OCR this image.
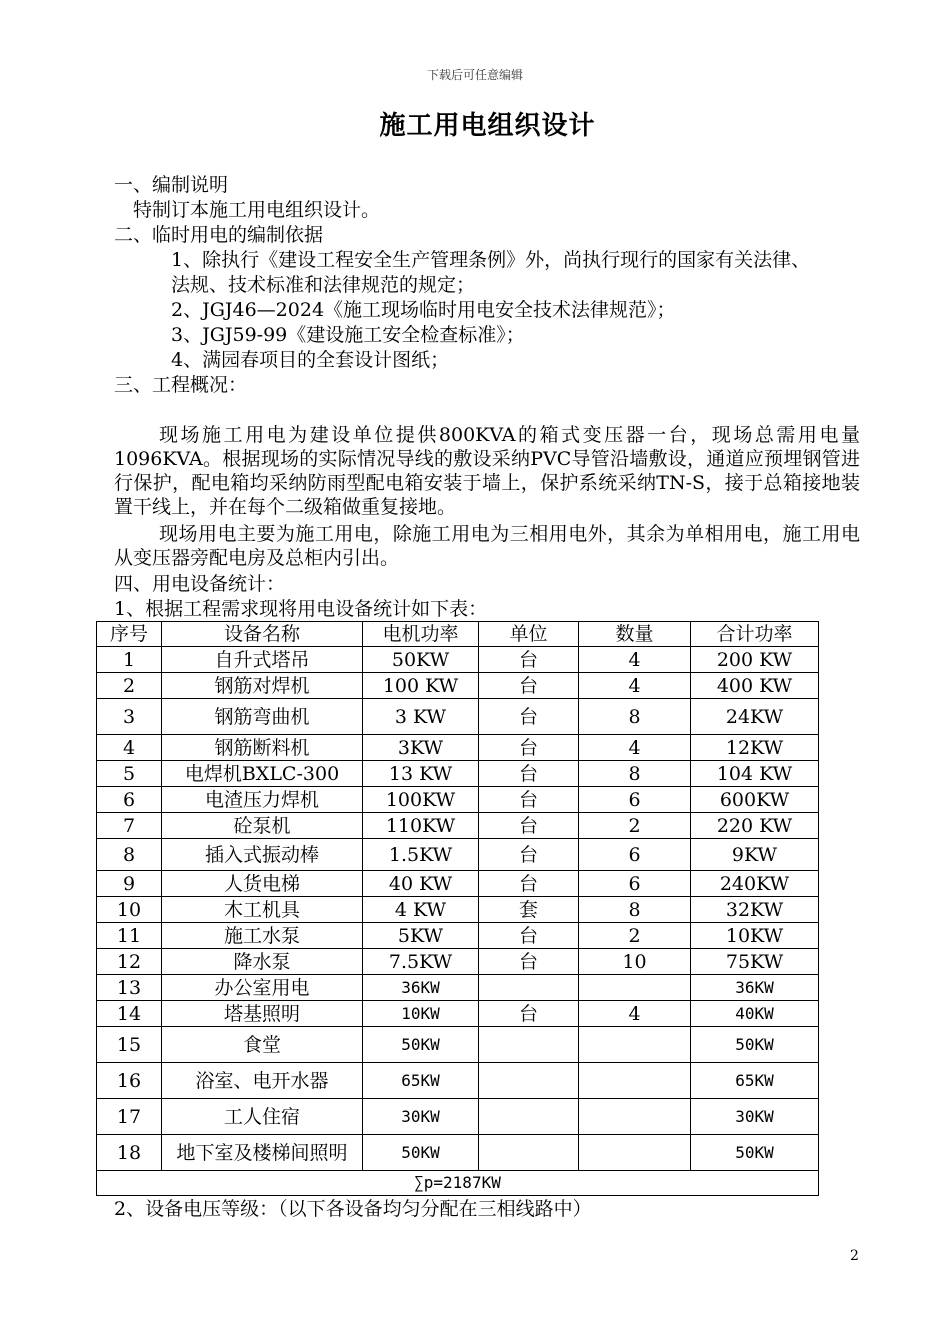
下载后可任意编辑
施工用电组织设计
一、编制说明
特制订本施工用电组织设计。
二、临时用电的编制依据
1、除执行《建设工程安全生产管理条例》外，尚执行现行的国家有关法律、
法规、技术标准和法律规范的规定；
2、JGJ46—2024《施工现场临时用电安全技术法律规范》；
3、JGJ59-99《建设施工安全检查标准》；
4、满园春项目的全套设计图纸；
三、工程概况：
现场施工用电为建设单位提供800KVA的箱式变压器一台，现场总需用电量1096KVA。根据现场的实际情况导线的敷设采纳PVC导管沿墙敷设，通道应预埋钢管进行保护，配电箱均采纳防雨型配电箱安装于墙上，保护系统采纳TN-S，接于总箱接地装置干线上，并在每个二级箱做重复接地。
现场用电主要为施工用电，除施工用电为三相用电外，其余为单相用电，施工用电从变压器旁配电房及总柜内引出。
四、用电设备统计：
1、根据工程需求现将用电设备统计如下表：
序号	设备名称	电机功率	单位	数量	合计功率
1	自升式塔吊	50KW	台	4	200 KW
2	钢筋对焊机	100 KW	台	4	400 KW
3	钢筋弯曲机	3 KW	台	8	24KW
4	钢筋断料机	3KW	台	4	12KW
5	电焊机BXLC-300	13 KW	台	8	104 KW
6	电渣压力焊机	100KW	台	6	600KW
7	砼泵机	110KW	台	2	220 KW
8	插入式振动棒	1.5KW	台	6	9KW
9	人货电梯	40 KW	台	6	240KW
10	木工机具	4 KW	套	8	32KW
11	施工水泵	5KW	台	2	10KW
12	降水泵	7.5KW	台	10	75KW
13	办公室用电	36KW			36KW
14	塔基照明	10KW	台	4	40KW
15	食堂	50KW			50KW
16	浴室、电开水器	65KW			65KW
17	工人住宿	30KW			30KW
18	地下室及楼梯间照明	50KW			50KW
∑p=2187KW					
2、设备电压等级：（以下各设备均匀分配在三相线路中）
2
